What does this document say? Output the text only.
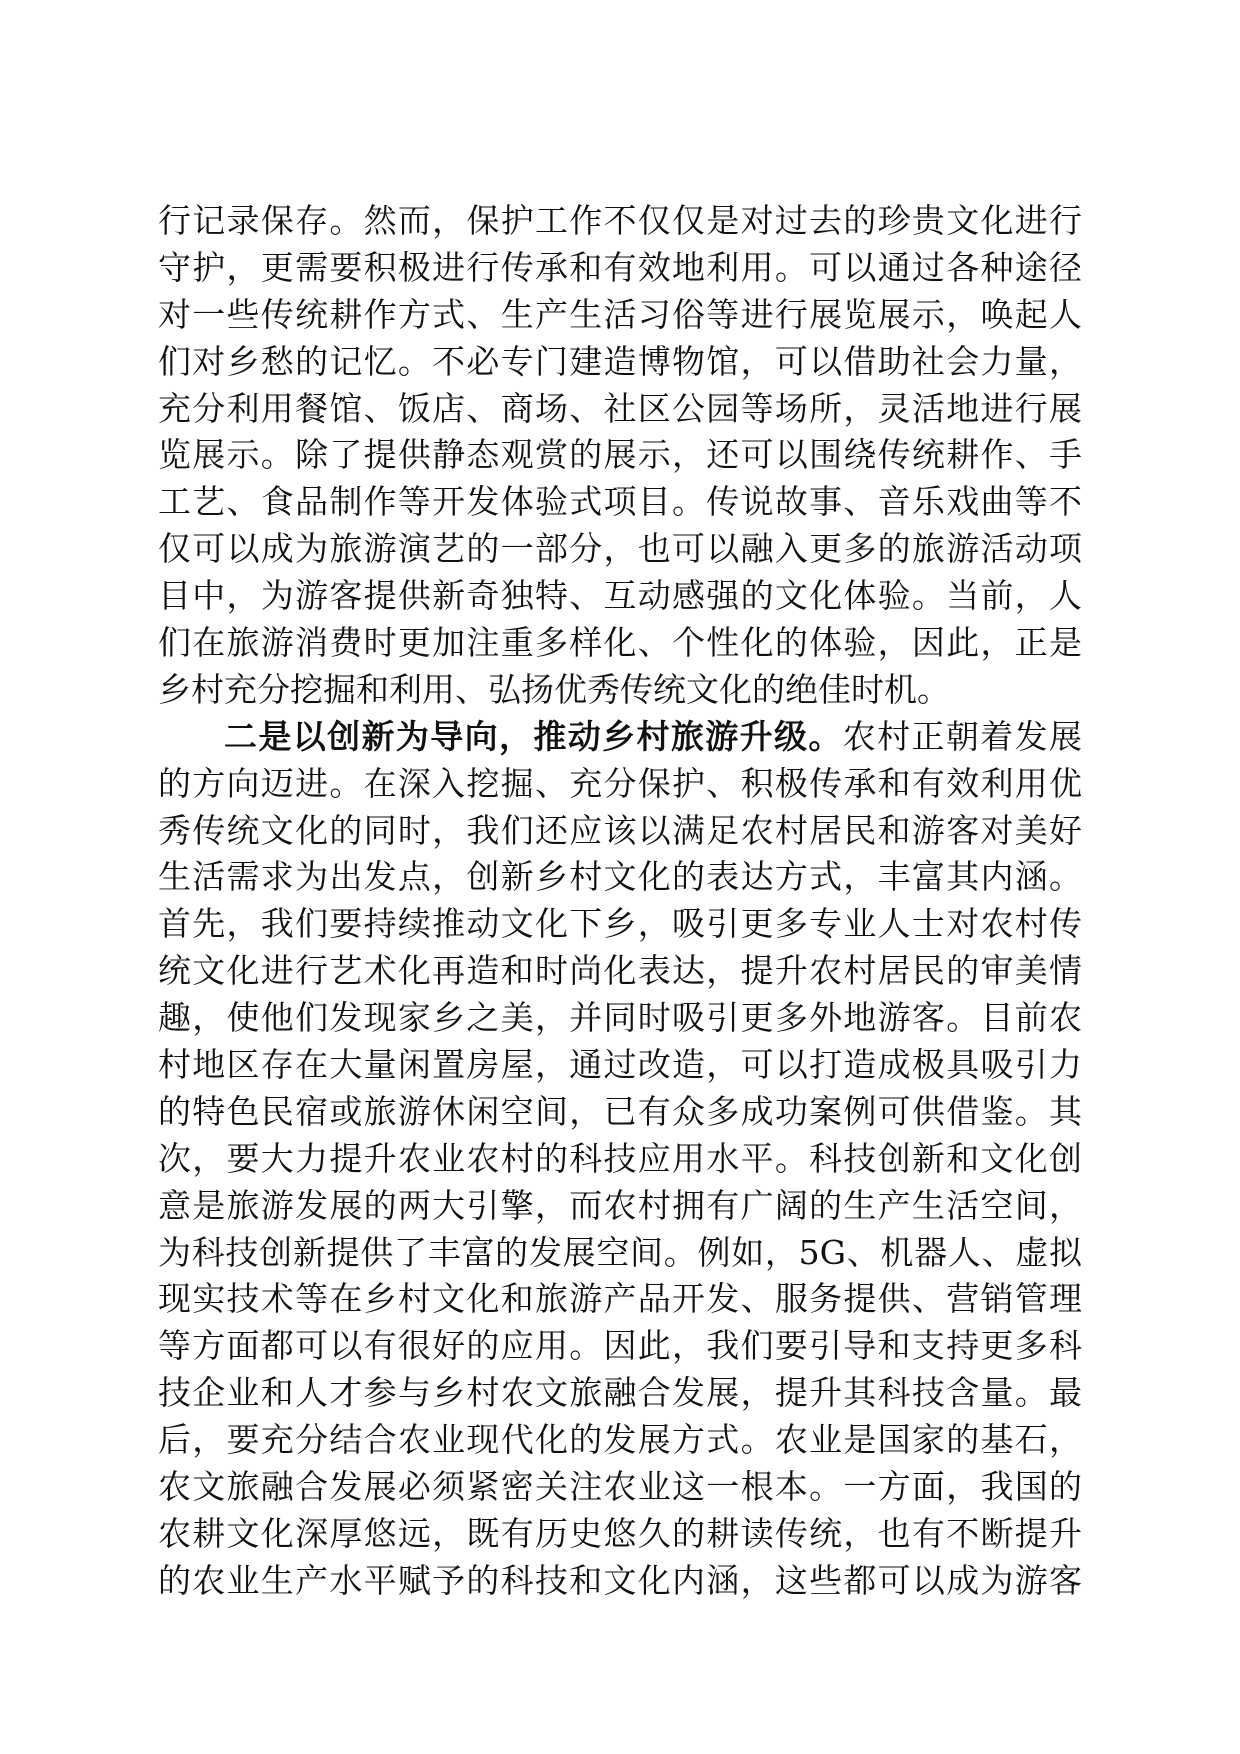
行记录保存。然而，保护工作不仅仅是对过去的珍贵文化进行
守护，更需要积极进行传承和有效地利用。可以通过各种途径
对一些传统耕作方式、生产生活习俗等进行展览展示，唤起人
们对乡愁的记忆。不必专门建造博物馆，可以借助社会力量，
充分利用餐馆、饭店、商场、社区公园等场所，灵活地进行展
览展示。除了提供静态观赏的展示，还可以围绕传统耕作、手
工艺、食品制作等开发体验式项目。传说故事、音乐戏曲等不
仅可以成为旅游演艺的一部分，也可以融入更多的旅游活动项
目中，为游客提供新奇独特、互动感强的文化体验。当前，人
们在旅游消费时更加注重多样化、个性化的体验，因此，正是
乡村充分挖掘和利用、弘扬优秀传统文化的绝佳时机。
二是以创新为导向，推动乡村旅游升级。农村正朝着发展
的方向迈进。在深入挖掘、充分保护、积极传承和有效利用优
秀传统文化的同时，我们还应该以满足农村居民和游客对美好
生活需求为出发点，创新乡村文化的表达方式，丰富其内涵。
首先，我们要持续推动文化下乡，吸引更多专业人士对农村传
统文化进行艺术化再造和时尚化表达，提升农村居民的审美情
趣，使他们发现家乡之美，并同时吸引更多外地游客。目前农
村地区存在大量闲置房屋，通过改造，可以打造成极具吸引力
的特色民宿或旅游休闲空间，已有众多成功案例可供借鉴。其
次，要大力提升农业农村的科技应用水平。科技创新和文化创
意是旅游发展的两大引擎，而农村拥有广阔的生产生活空间，
为科技创新提供了丰富的发展空间。例如，5G、机器人、虚拟
现实技术等在乡村文化和旅游产品开发、服务提供、营销管理
等方面都可以有很好的应用。因此，我们要引导和支持更多科
技企业和人才参与乡村农文旅融合发展，提升其科技含量。最
后，要充分结合农业现代化的发展方式。农业是国家的基石，
农文旅融合发展必须紧密关注农业这一根本。一方面，我国的
农耕文化深厚悠远，既有历史悠久的耕读传统，也有不断提升
的农业生产水平赋予的科技和文化内涵，这些都可以成为游客
